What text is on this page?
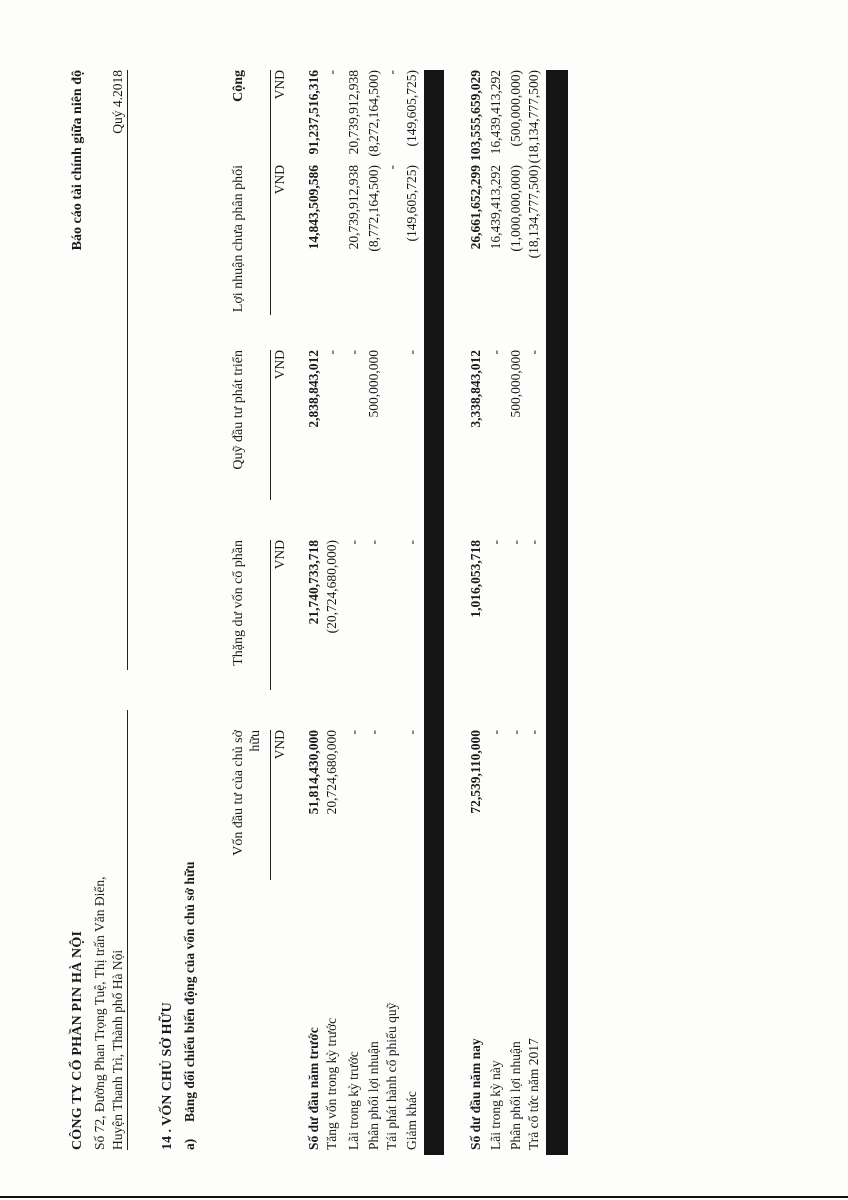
CÔNG TY CỔ PHẦN PIN HÀ NỘI Số 72, Đường Phan Trọng Tuệ, Thị trấn Văn Điển, Huyện Thanh Trì, Thành phố Hà Nội
Báo cáo tài chính giữa niên độ Quý 4.2018
14 . VỐN CHỦ SỞ HỮU a)
Bảng đối chiếu biến động của vốn chủ sở hữu
Vốn đầu tư của chủ sở hữu VND
Thặng dư vốn cổ phần VND
Quỹ đầu tư phát triển VND
Lợi nhuận chưa phân phối VND
Cộng VND
Số dư đầu năm trước
51,814,430,000
21,740,733,718
2,838,843,012
14,843,509,586
91,237,516,316
Tăng vốn trong kỳ trước
20,724,680,000
(20,724,680,000)
-
-
Lãi trong kỳ trước
-
-
-
20,739,912,938
20,739,912,938
Phân phối lợi nhuận
-
-
500,000,000
(8,772,164,500)
(8,272,164,500)
Tái phát hành cổ phiếu quỹ
-
-
Giảm khác
-
-
-
(149,605,725)
(149,605,725)
Số dư đầu năm nay
72,539,110,000
1,016,053,718
3,338,843,012
26,661,652,299
103,555,659,029
Lãi trong kỳ này
-
-
-
16,439,413,292
16,439,413,292
Phân phối lợi nhuận
-
-
500,000,000
(1,000,000,000)
(500,000,000)
Trả cổ tức năm 2017
-
-
-
(18,134,777,500)
(18,134,777,500)
